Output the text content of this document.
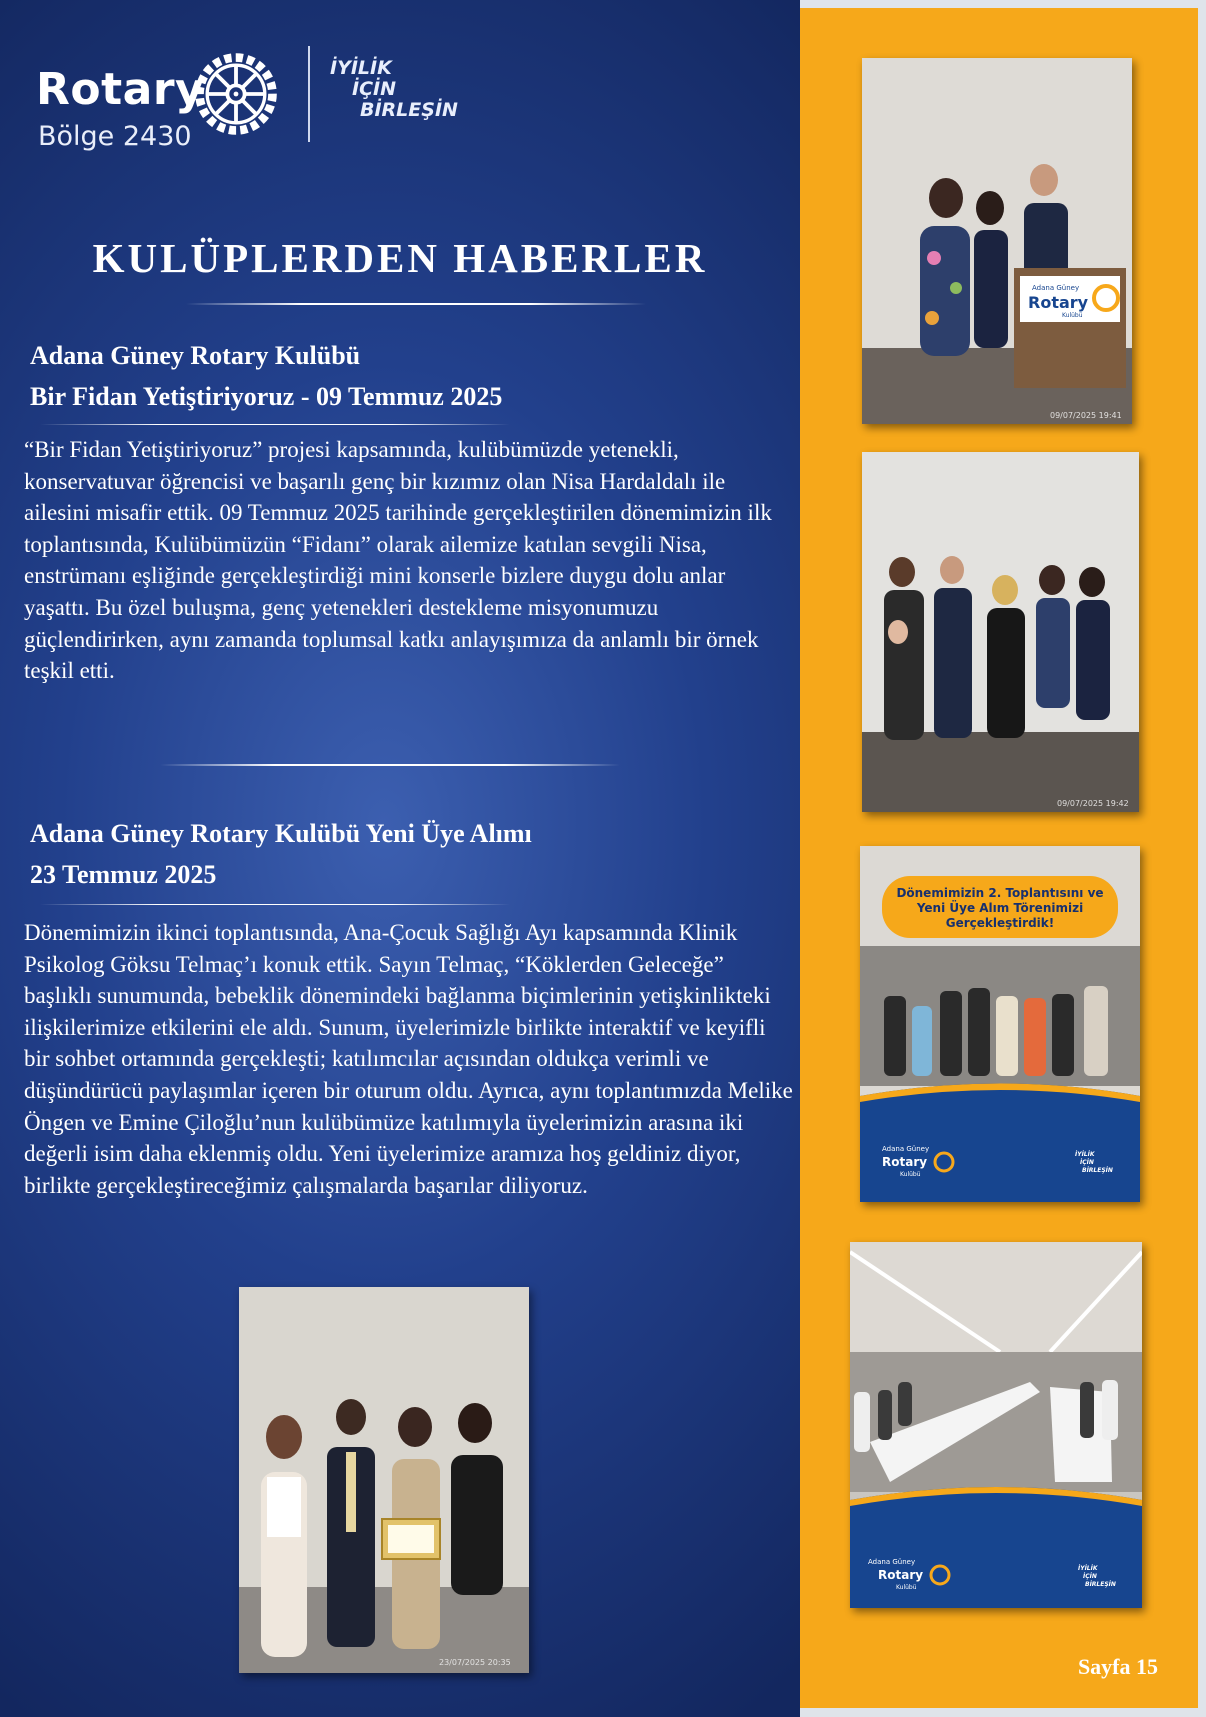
Rotary
Bölge 2430
İYİLİK
İÇİN
BİRLEŞİN
KULÜPLERDEN HABERLER
Adana Güney Rotary Kulübü
Bir Fidan Yetiştiriyoruz - 09 Temmuz 2025
“Bir Fidan Yetiştiriyoruz” projesi kapsamında, kulübümüzde yetenekli, konservatuvar öğrencisi ve başarılı genç bir kızımız olan Nisa Hardaldalı ile ailesini misafir ettik. 09 Temmuz 2025 tarihinde gerçekleştirilen dönemimizin ilk toplantısında, Kulübümüzün “Fidanı” olarak ailemize katılan sevgili Nisa, enstrümanı eşliğinde gerçekleştirdiği mini konserle bizlere duygu dolu anlar yaşattı. Bu özel buluşma, genç yetenekleri destekleme misyonumuzu güçlendirirken, aynı zamanda toplumsal katkı anlayışımıza da anlamlı bir örnek teşkil etti.
Adana Güney Rotary Kulübü Yeni Üye Alımı
23 Temmuz 2025
Dönemimizin ikinci toplantısında, Ana-Çocuk Sağlığı Ayı kapsamında Klinik Psikolog Göksu Telmaç’ı konuk ettik. Sayın Telmaç, “Köklerden Geleceğe” başlıklı sunumunda, bebeklik dönemindeki bağlanma biçimlerinin yetişkinlikteki ilişkilerimize etkilerini ele aldı. Sunum, üyelerimizle birlikte interaktif ve keyifli bir sohbet ortamında gerçekleşti; katılımcılar açısından oldukça verimli ve düşündürücü paylaşımlar içeren bir oturum oldu. Ayrıca, aynı toplantımızda Melike Öngen ve Emine Çiloğlu’nun kulübümüze katılımıyla üyelerimizin arasına iki değerli isim daha eklenmiş oldu. Yeni üyelerimize aramıza hoş geldiniz diyor, birlikte gerçekleştireceğimiz çalışmalarda başarılar diliyoruz.
23/07/2025 20:35
Adana Güney
Rotary
Kulübü
09/07/2025 19:41
09/07/2025 19:42
Dönemimizin 2. Toplantısını ve
Yeni Üye Alım Törenimizi
Gerçekleştirdik!
Adana Güney
Rotary
Kulübü
İYİLİK
İÇİN
BİRLEŞİN
Adana Güney
Rotary
Kulübü
İYİLİK
İÇİN
BİRLEŞİN
Sayfa 15
